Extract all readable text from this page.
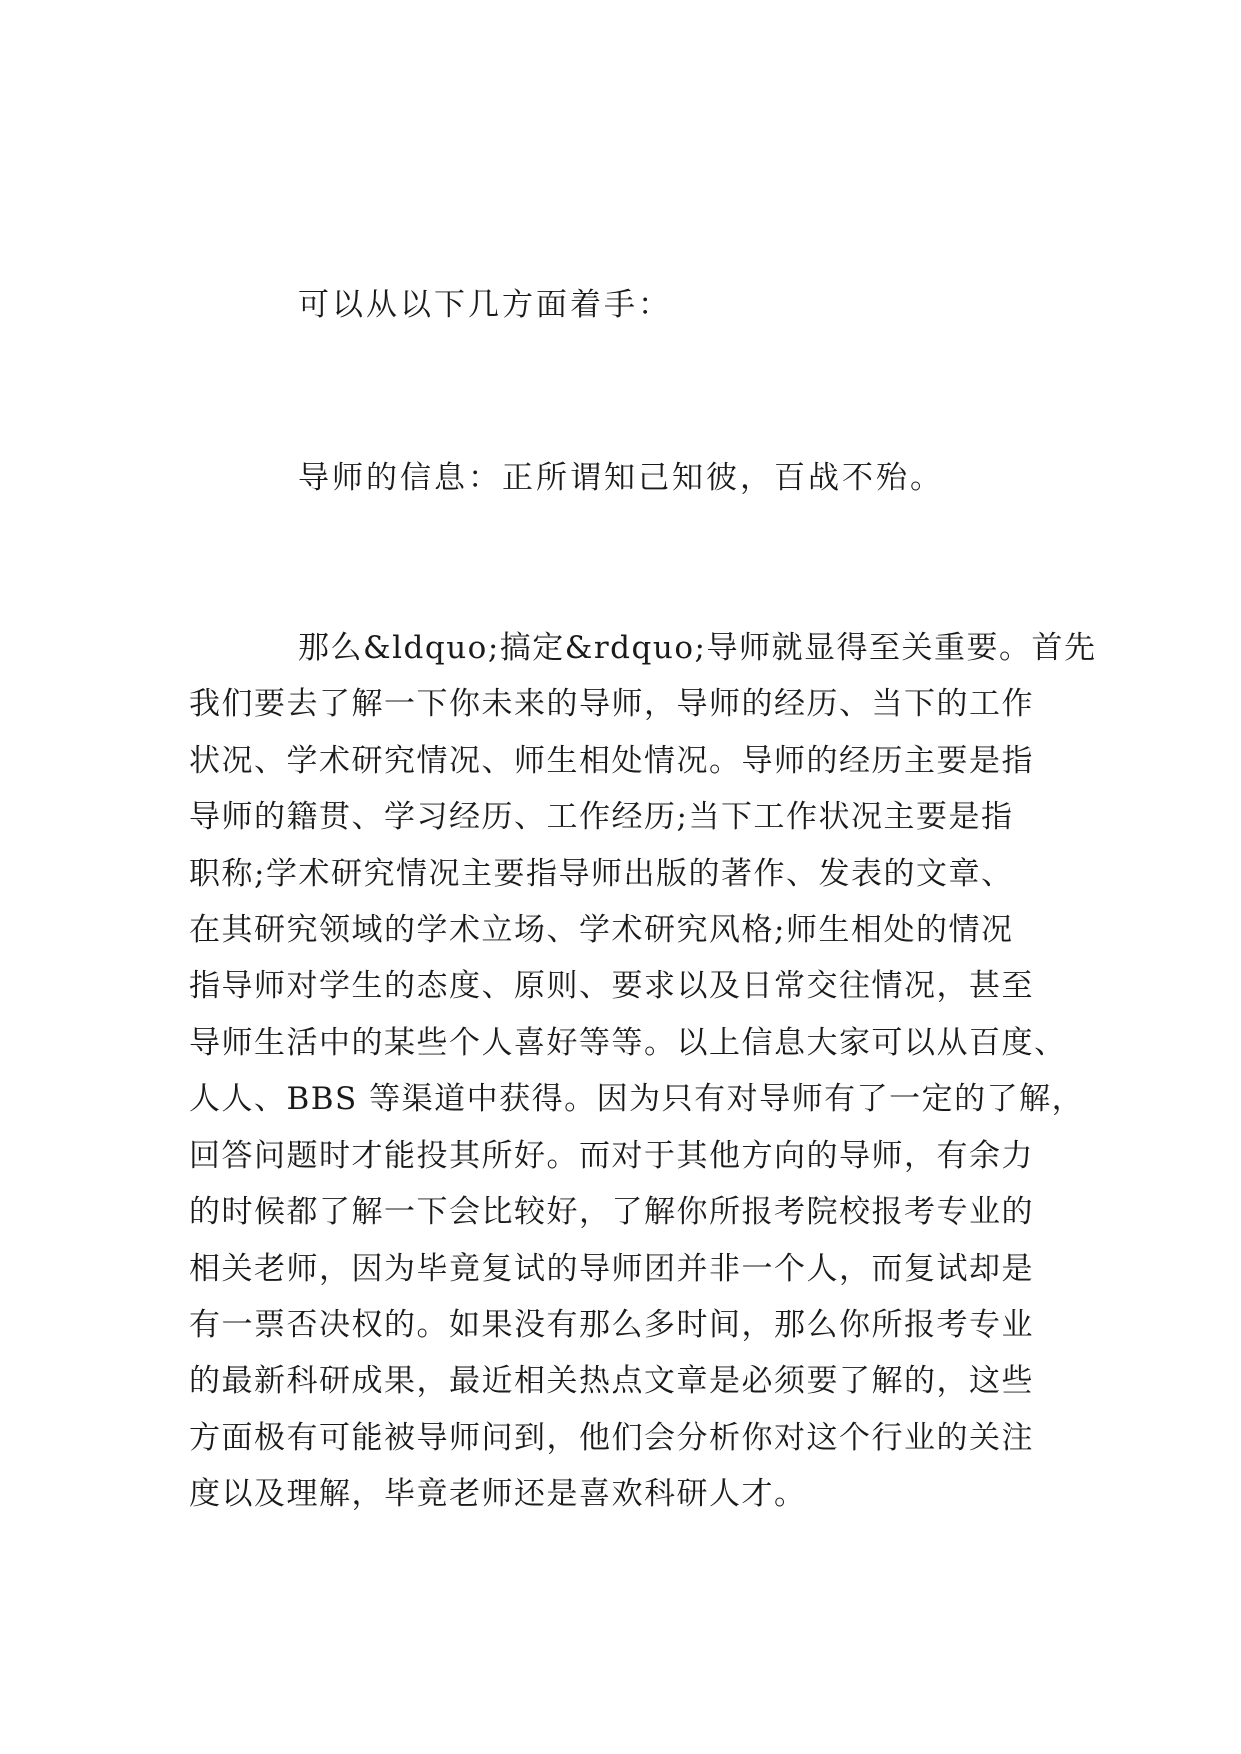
可以从以下几方面着手：
导师的信息：正所谓知己知彼，百战不殆。
那么&ldquo;搞定&rdquo;导师就显得至关重要。首先
我们要去了解一下你未来的导师，导师的经历、当下的工作
状况、学术研究情况、师生相处情况。导师的经历主要是指
导师的籍贯、学习经历、工作经历;当下工作状况主要是指
职称;学术研究情况主要指导师出版的著作、发表的文章、
在其研究领域的学术立场、学术研究风格;师生相处的情况
指导师对学生的态度、原则、要求以及日常交往情况，甚至
导师生活中的某些个人喜好等等。以上信息大家可以从百度、
人人、BBS 等渠道中获得。因为只有对导师有了一定的了解，
回答问题时才能投其所好。而对于其他方向的导师，有余力
的时候都了解一下会比较好，了解你所报考院校报考专业的
相关老师，因为毕竟复试的导师团并非一个人，而复试却是
有一票否决权的。如果没有那么多时间，那么你所报考专业
的最新科研成果，最近相关热点文章是必须要了解的，这些
方面极有可能被导师问到，他们会分析你对这个行业的关注
度以及理解，毕竟老师还是喜欢科研人才。
